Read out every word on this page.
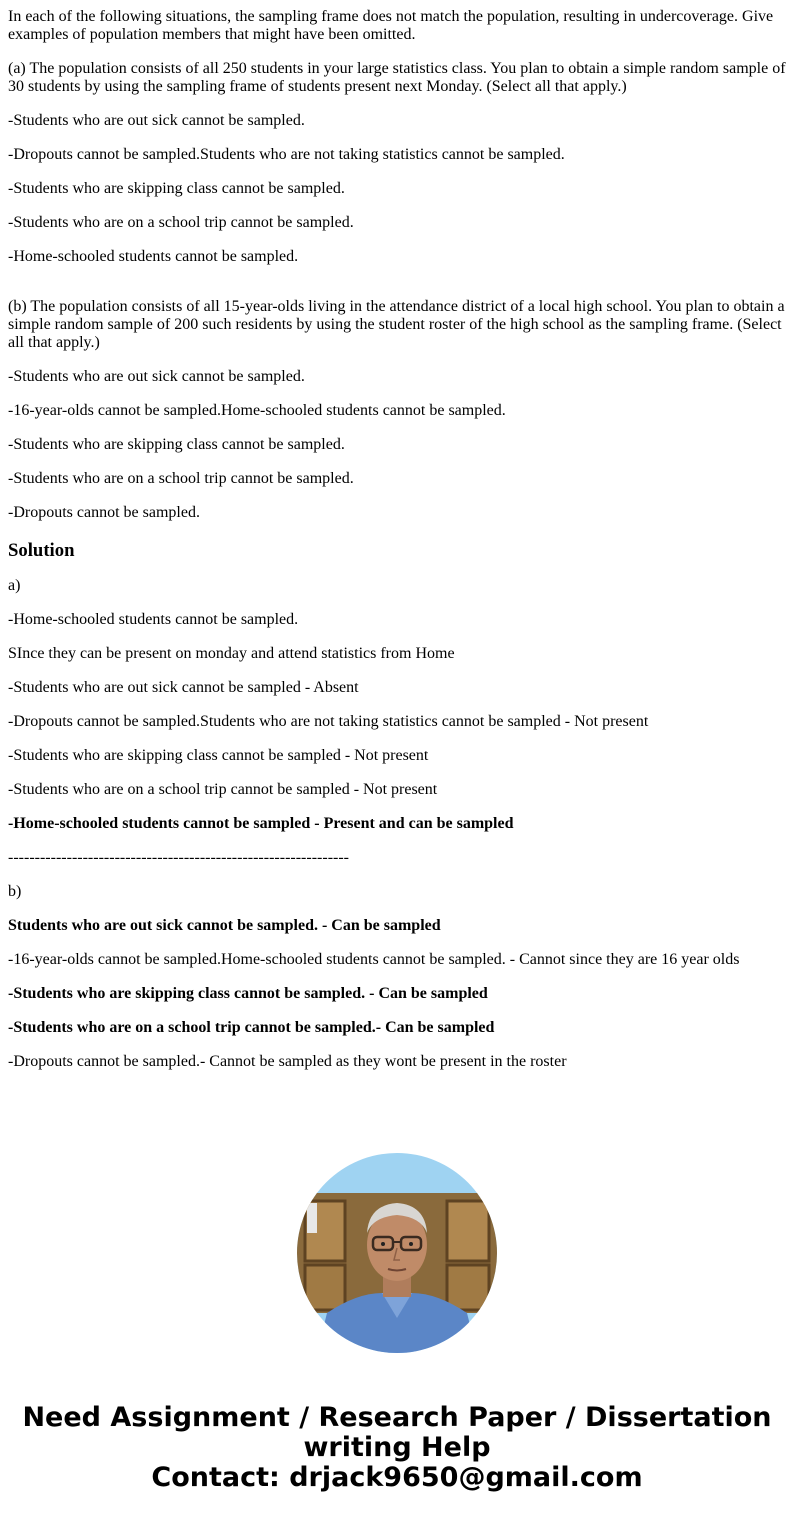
In each of the following situations, the sampling frame does not match the population, resulting in undercoverage. Give examples of population members that might have been omitted.

(a) The population consists of all 250 students in your large statistics class. You plan to obtain a simple random sample of 30 students by using the sampling frame of students present next Monday. (Select all that apply.)

-Students who are out sick cannot be sampled.

-Dropouts cannot be sampled.Students who are not taking statistics cannot be sampled.

-Students who are skipping class cannot be sampled.

-Students who are on a school trip cannot be sampled.

-Home-schooled students cannot be sampled.

(b) The population consists of all 15-year-olds living in the attendance district of a local high school. You plan to obtain a simple random sample of 200 such residents by using the student roster of the high school as the sampling frame. (Select all that apply.)

-Students who are out sick cannot be sampled.

-16-year-olds cannot be sampled.Home-schooled students cannot be sampled.

-Students who are skipping class cannot be sampled.

-Students who are on a school trip cannot be sampled.

-Dropouts cannot be sampled.

Solution

a)

-Home-schooled students cannot be sampled.

SInce they can be present on monday and attend statistics from Home

-Students who are out sick cannot be sampled - Absent

-Dropouts cannot be sampled.Students who are not taking statistics cannot be sampled - Not present

-Students who are skipping class cannot be sampled - Not present

-Students who are on a school trip cannot be sampled - Not present

-Home-schooled students cannot be sampled - Present and can be sampled

----------------------------------------------------------------

b)

Students who are out sick cannot be sampled. - Can be sampled

-16-year-olds cannot be sampled.Home-schooled students cannot be sampled. - Cannot since they are 16 year olds

-Students who are skipping class cannot be sampled. - Can be sampled

-Students who are on a school trip cannot be sampled.- Can be sampled

-Dropouts cannot be sampled.- Cannot be sampled as they wont be present in the roster

Need Assignment / Research Paper / Dissertation
writing Help
Contact: drjack9650@gmail.com
